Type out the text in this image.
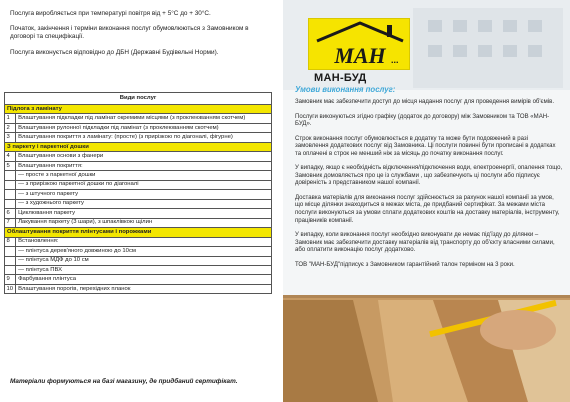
Послуга виробляється при температурі повітря від + 5°C до + 30°C.

Початок, закінчення і терміни виконання послуг обумовлюються з Замовником в договорі та специфікації.

Послуга виконується відповідно до ДБН (Державні Будівельні Норми).

Види послуг	
Підлога з ламінату	
1	Влаштування підкладки під ламінат окремими місцями (з проклеюванням скотчем)
2	Влаштування рулонної підкладки під ламінат (з проклеюванням скотчем)
3	Влаштування покриття з ламінату: (просте) (з прирізкою по діагоналі, фігурне)
З паркету і паркетної дошки	
4	Влаштування основи з фанери
5	Влаштування покриття:
	— просте з паркетної дошки
	— з прирізкою паркетної дошки по діагоналі
	— з штучного паркету
	— з художнього паркету
6	Циклювання паркету
7	Лакування паркету (3 шари), з шпаклівкою щілин
Облаштування покриття плінтусами і порожками	
8	Встановлення:
	— плінтуса дерев'яного довжиною до 10см
	— плінтуса МДФ до 10 см
	— плінтуса ПВХ
9	Фарбування плінтуса
10	Влаштування порогів, перехідних планок
Матеріали формуються на базі магазину, де придбаний сертифікат.
МАН ...
МАН-БУД
Умови виконання послуг:

Замовник має забезпечити доступ до місця надання послуг для проведення вимірів об'ємів.

Послуги виконуються згідно графіку (додаток до договору) між Замовником та ТОВ «МАН-БУД».

Строк виконання послуг обумовлюється в додатку та може бути подовжений в разі замовлення додаткових послуг від Замовника. Ці послуги повинні бути прописані в додатках та оплачені в строк не менший ніж за місяць до початку виконання послуг.

У випадку, якщо є необхідність відключення/підключення води, електроенергії, опалення тощо, Замовник домовляється про це із службами , що забезпечують ці послуги або підписує довіреність з представником нашої компанії.

Доставка матеріалів для виконання послуг здійснюється за рахунок нашої компанії за умов, що місце ділянки знаходиться в межах міста, де придбаний сертифікат. За межами міста послуги виконуються за умови сплати додаткових коштів на доставку матеріалів, інструменту, працівників компанії.

У випадку, коли виконання послуг необхідно виконувати де немає під'їзду до ділянки – Замовник має забезпечити доставку матеріалів від транспорту до об'єкту власними силами, або оплатити виконацію послуг додатково.

ТОВ "МАН-БУД"підписує з Замовником гарантійний талон терміном на 3 роки.
